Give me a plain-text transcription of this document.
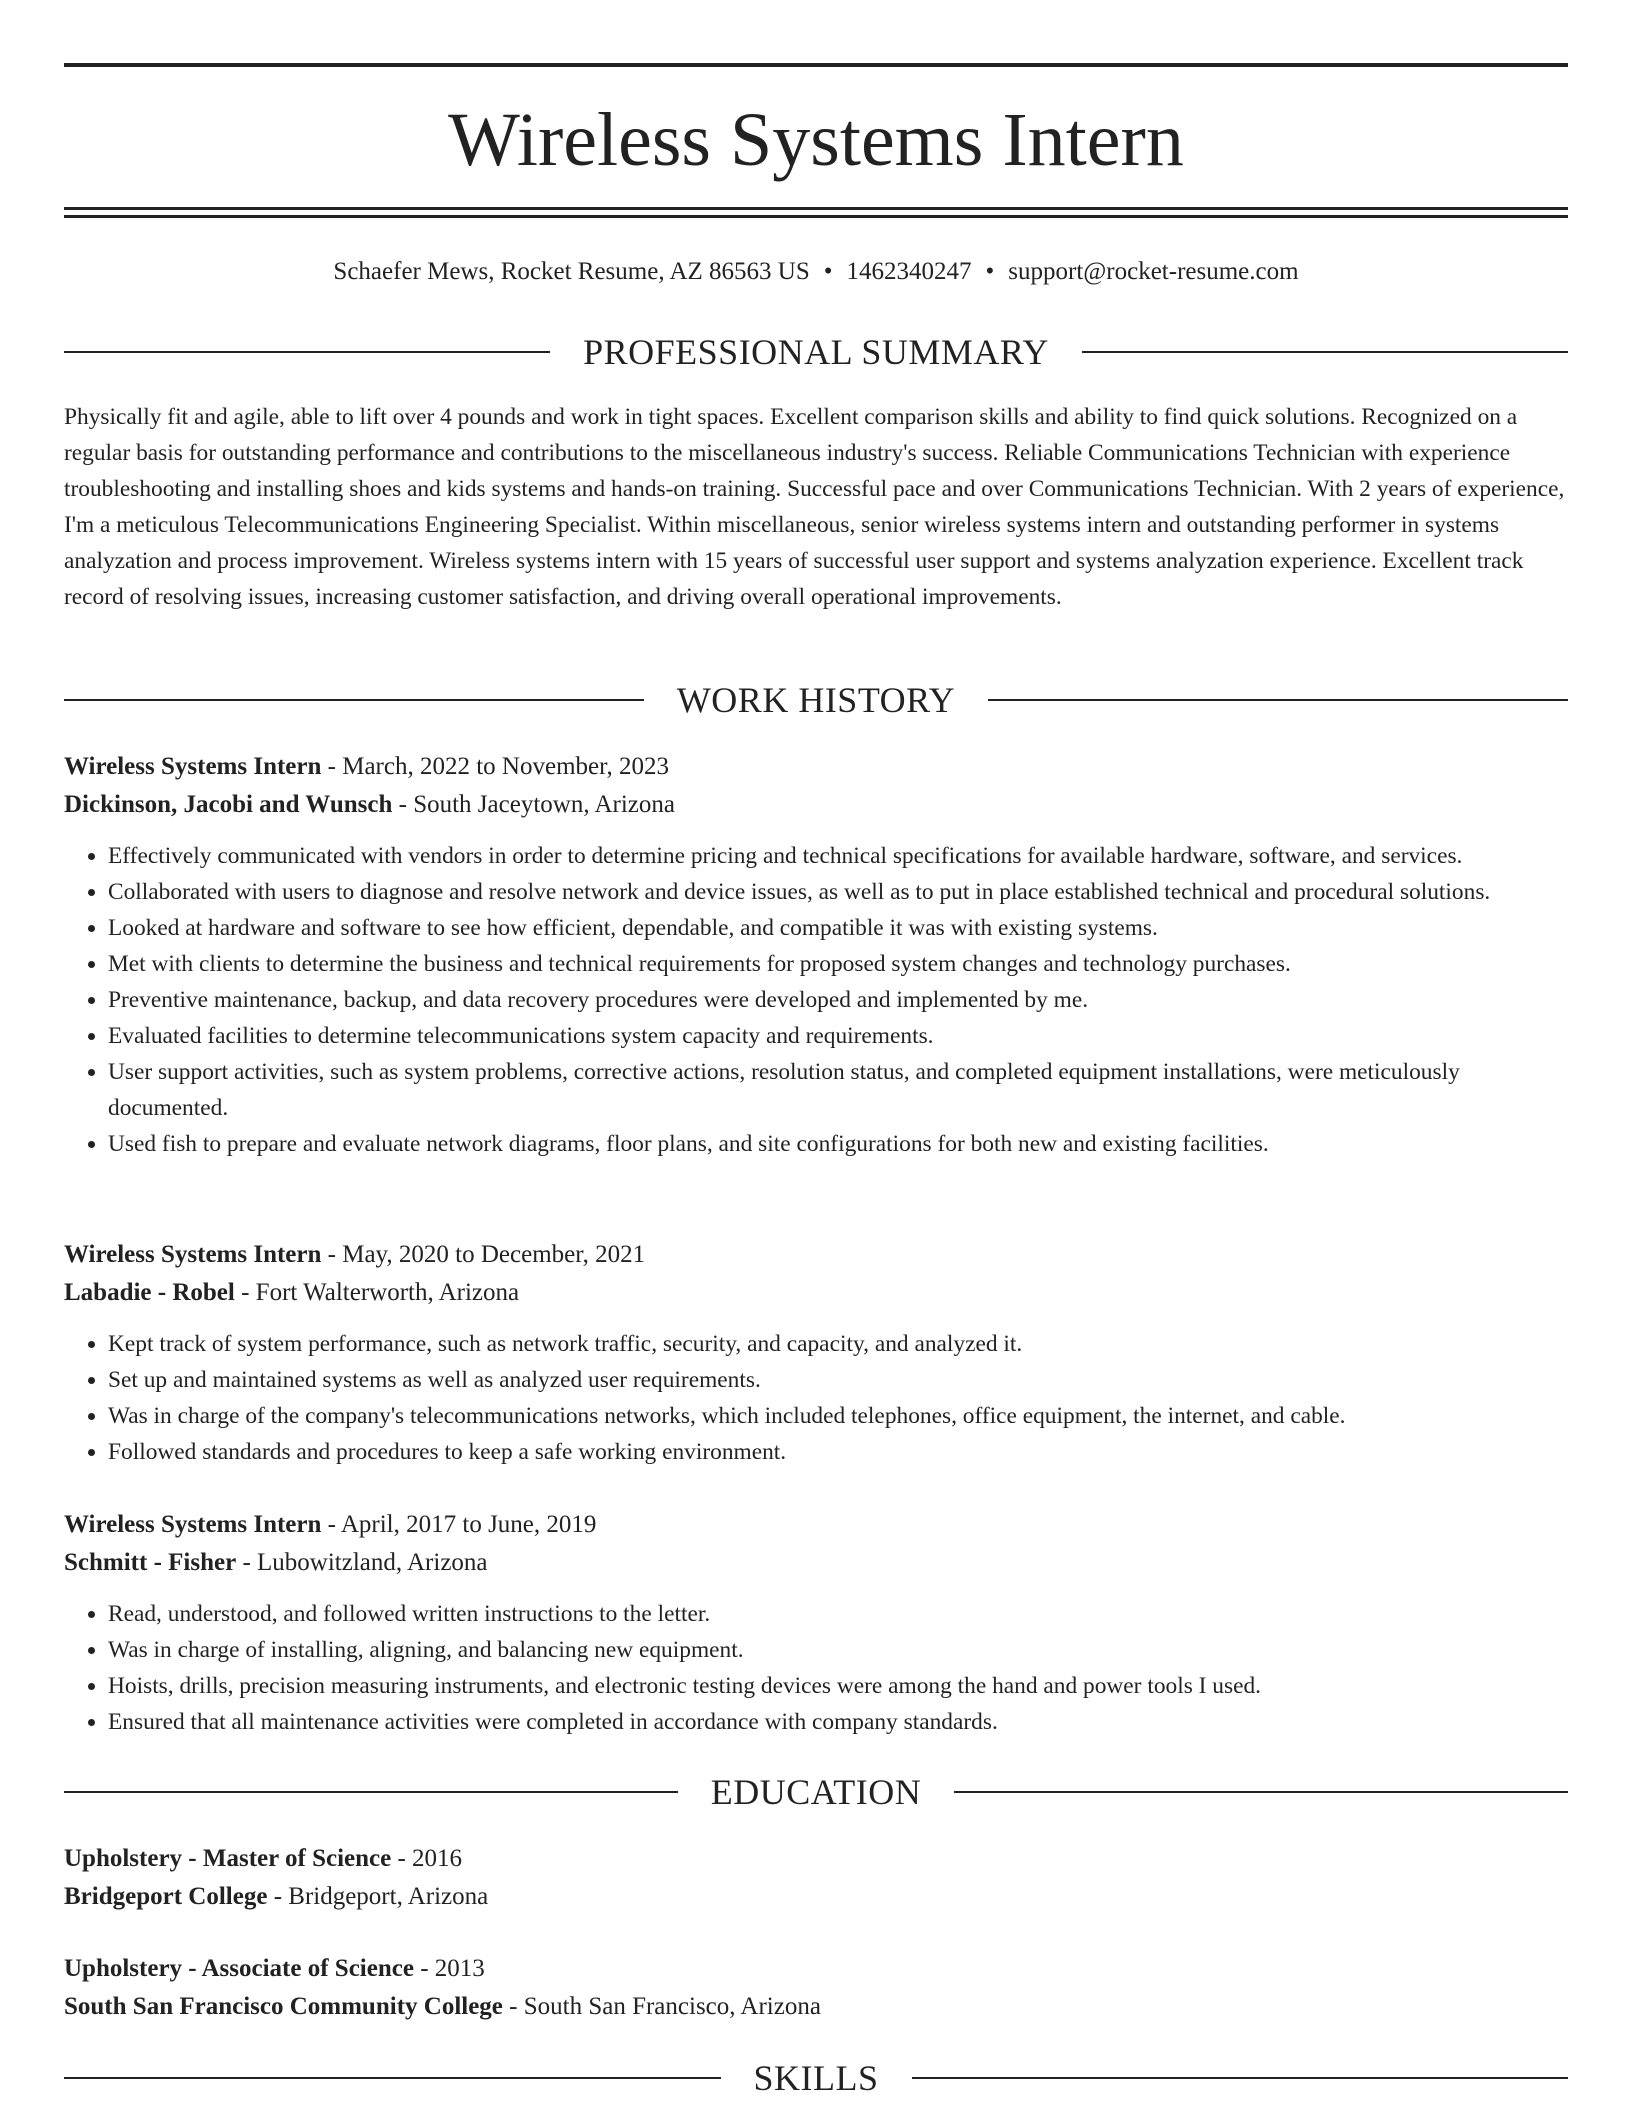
Wireless Systems Intern
Schaefer Mews, Rocket Resume, AZ 86563 US • 1462340247 • support@rocket-resume.com
PROFESSIONAL SUMMARY

Physically fit and agile, able to lift over 4 pounds and work in tight spaces. Excellent comparison skills and ability to find quick solutions. Recognized on a regular basis for outstanding performance and contributions to the miscellaneous industry's success. Reliable Communications Technician with experience troubleshooting and installing shoes and kids systems and hands-on training. Successful pace and over Communications Technician. With 2 years of experience, I'm a meticulous Telecommunications Engineering Specialist. Within miscellaneous, senior wireless systems intern and outstanding performer in systems analyzation and process improvement. Wireless systems intern with 15 years of successful user support and systems analyzation experience. Excellent track record of resolving issues, increasing customer satisfaction, and driving overall operational improvements.

WORK HISTORY
Wireless Systems Intern - March, 2022 to November, 2023
Dickinson, Jacobi and Wunsch - South Jaceytown, Arizona
• Effectively communicated with vendors in order to determine pricing and technical specifications for available hardware, software, and services.
• Collaborated with users to diagnose and resolve network and device issues, as well as to put in place established technical and procedural solutions.
• Looked at hardware and software to see how efficient, dependable, and compatible it was with existing systems.
• Met with clients to determine the business and technical requirements for proposed system changes and technology purchases.
• Preventive maintenance, backup, and data recovery procedures were developed and implemented by me.
• Evaluated facilities to determine telecommunications system capacity and requirements.
• User support activities, such as system problems, corrective actions, resolution status, and completed equipment installations, were meticulously documented.
• Used fish to prepare and evaluate network diagrams, floor plans, and site configurations for both new and existing facilities.
Wireless Systems Intern - May, 2020 to December, 2021
Labadie - Robel - Fort Walterworth, Arizona
• Kept track of system performance, such as network traffic, security, and capacity, and analyzed it.
• Set up and maintained systems as well as analyzed user requirements.
• Was in charge of the company's telecommunications networks, which included telephones, office equipment, the internet, and cable.
• Followed standards and procedures to keep a safe working environment.
Wireless Systems Intern - April, 2017 to June, 2019
Schmitt - Fisher - Lubowitzland, Arizona
• Read, understood, and followed written instructions to the letter.
• Was in charge of installing, aligning, and balancing new equipment.
• Hoists, drills, precision measuring instruments, and electronic testing devices were among the hand and power tools I used.
• Ensured that all maintenance activities were completed in accordance with company standards.
EDUCATION
Upholstery - Master of Science - 2016
Bridgeport College - Bridgeport, Arizona
Upholstery - Associate of Science - 2013
South San Francisco Community College - South San Francisco, Arizona
SKILLS
